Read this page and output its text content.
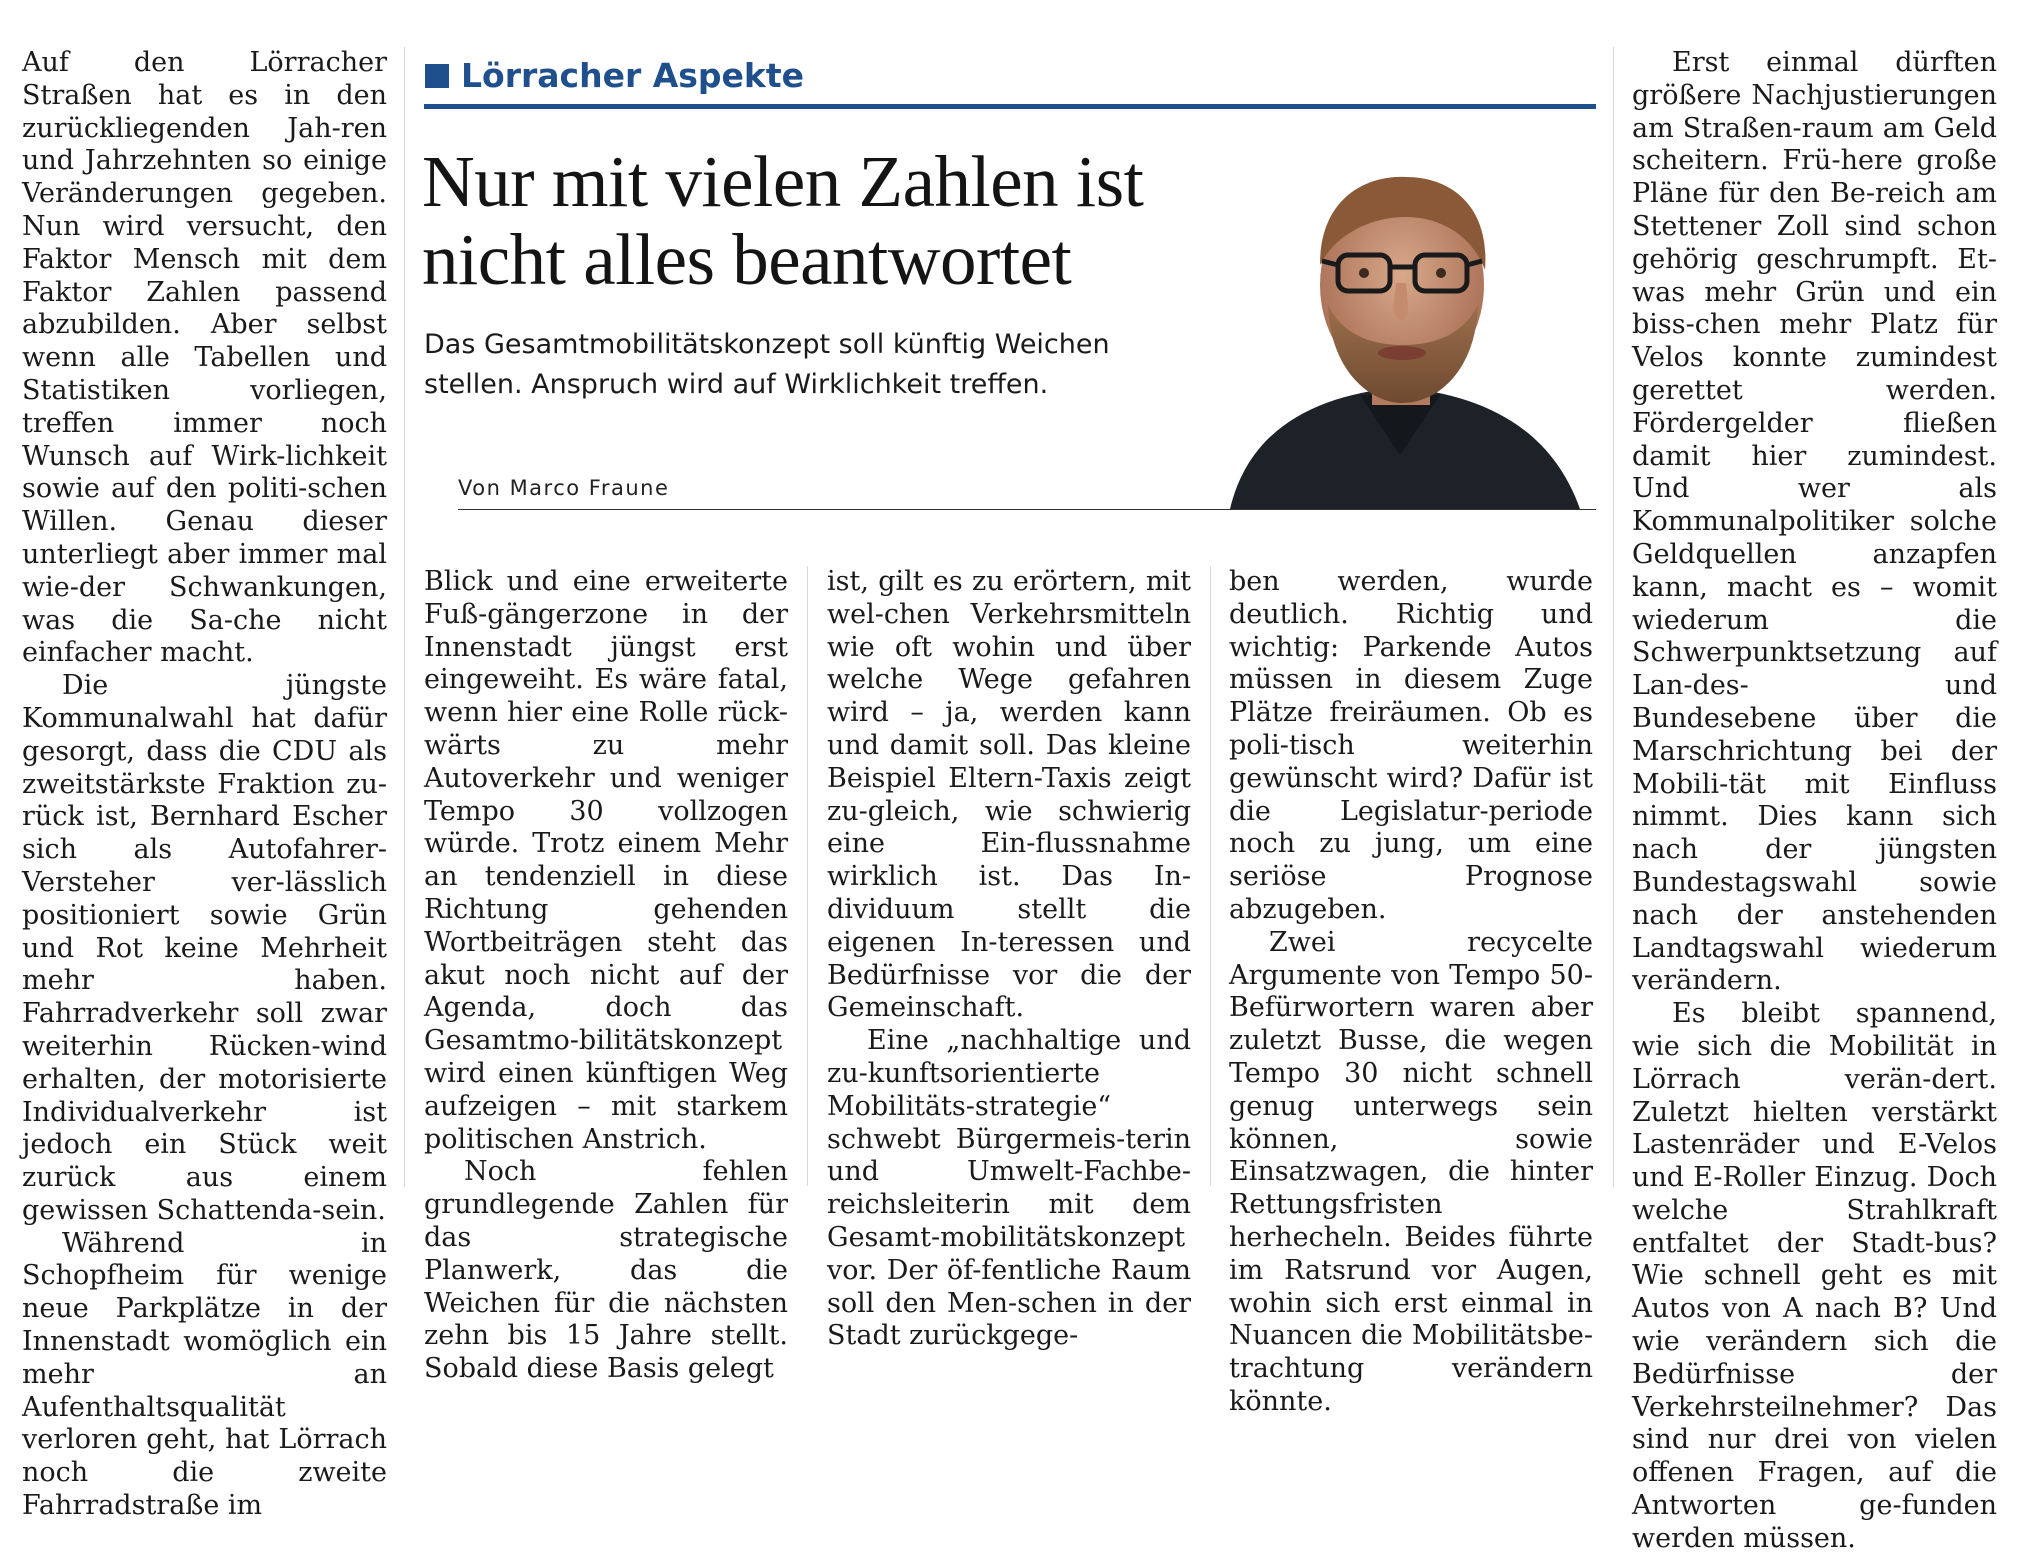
Auf den Lörracher Straßen hat es in den zurückliegenden Jah-ren und Jahrzehnten so einige Veränderungen gegeben. Nun wird versucht, den Faktor Mensch mit dem Faktor Zahlen passend abzubilden. Aber selbst wenn alle Tabellen und Statistiken vorliegen, treffen immer noch Wunsch auf Wirk-lichkeit sowie auf den politi-schen Willen. Genau dieser unterliegt aber immer mal wie-der Schwankungen, was die Sa-che nicht einfacher macht.

Die jüngste Kommunalwahl hat dafür gesorgt, dass die CDU als zweitstärkste Fraktion zu-rück ist, Bernhard Escher sich als Autofahrer-Versteher ver-lässlich positioniert sowie Grün und Rot keine Mehrheit mehr haben. Fahrradverkehr soll zwar weiterhin Rücken-wind erhalten, der motorisierte Individualverkehr ist jedoch ein Stück weit zurück aus einem gewissen Schattenda-sein.

Während in Schopfheim für wenige neue Parkplätze in der Innenstadt womöglich ein mehr an Aufenthaltsqualität verloren geht, hat Lörrach noch die zweite Fahrradstraße im

Lörracher Aspekte
Nur mit vielen Zahlen ist
nicht alles beantwortet
Das Gesamtmobilitätskonzept soll künftig Weichen
stellen. Anspruch wird auf Wirklichkeit treffen.
Von Marco Fraune

Blick und eine erweiterte Fuß-gängerzone in der Innenstadt jüngst erst eingeweiht. Es wäre fatal, wenn hier eine Rolle rück-wärts zu mehr Autoverkehr und weniger Tempo 30 vollzogen würde. Trotz einem Mehr an tendenziell in diese Richtung gehenden Wortbeiträgen steht das akut noch nicht auf der Agenda, doch das Gesamtmo-bilitätskonzept wird einen künftigen Weg aufzeigen – mit starkem politischen Anstrich.

Noch fehlen grundlegende Zahlen für das strategische Planwerk, das die Weichen für die nächsten zehn bis 15 Jahre stellt. Sobald diese Basis gelegt

ist, gilt es zu erörtern, mit wel-chen Verkehrsmitteln wie oft wohin und über welche Wege gefahren wird – ja, werden kann und damit soll. Das kleine Beispiel Eltern-Taxis zeigt zu-gleich, wie schwierig eine Ein-flussnahme wirklich ist. Das In-dividuum stellt die eigenen In-teressen und Bedürfnisse vor die der Gemeinschaft.

Eine „nachhaltige und zu-kunftsorientierte Mobilitäts-strategie“ schwebt Bürgermeis-terin und Umwelt-Fachbe-reichsleiterin mit dem Gesamt-mobilitätskonzept vor. Der öf-fentliche Raum soll den Men-schen in der Stadt zurückgege-

ben werden, wurde deutlich. Richtig und wichtig: Parkende Autos müssen in diesem Zuge Plätze freiräumen. Ob es poli-tisch weiterhin gewünscht wird? Dafür ist die Legislatur-periode noch zu jung, um eine seriöse Prognose abzugeben.

Zwei recycelte Argumente von Tempo 50-Befürwortern waren aber zuletzt Busse, die wegen Tempo 30 nicht schnell genug unterwegs sein können, sowie Einsatzwagen, die hinter Rettungsfristen herhecheln. Beides führte im Ratsrund vor Augen, wohin sich erst einmal in Nuancen die Mobilitätsbe-trachtung verändern könnte.

Erst einmal dürften größere Nachjustierungen am Straßen-raum am Geld scheitern. Frü-here große Pläne für den Be-reich am Stettener Zoll sind schon gehörig geschrumpft. Et-was mehr Grün und ein biss-chen mehr Platz für Velos konnte zumindest gerettet werden. Fördergelder fließen damit hier zumindest. Und wer als Kommunalpolitiker solche Geldquellen anzapfen kann, macht es – womit wiederum die Schwerpunktsetzung auf Lan-des- und Bundesebene über die Marschrichtung bei der Mobili-tät mit Einfluss nimmt. Dies kann sich nach der jüngsten Bundestagswahl sowie nach der anstehenden Landtagswahl wiederum verändern.

Es bleibt spannend, wie sich die Mobilität in Lörrach verän-dert. Zuletzt hielten verstärkt Lastenräder und E-Velos und E-Roller Einzug. Doch welche Strahlkraft entfaltet der Stadt-bus? Wie schnell geht es mit Autos von A nach B? Und wie verändern sich die Bedürfnisse der Verkehrsteilnehmer? Das sind nur drei von vielen offenen Fragen, auf die Antworten ge-funden werden müssen.
